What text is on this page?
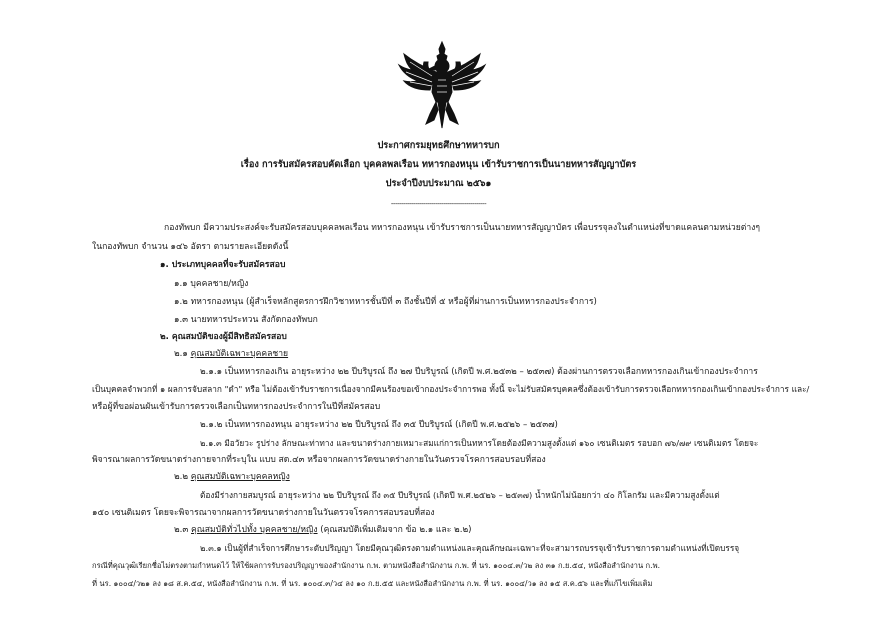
ประกาศกรมยุทธศึกษาทหารบก
เรื่อง การรับสมัครสอบคัดเลือก บุคคลพลเรือน ทหารกองหนุน เข้ารับราชการเป็นนายทหารสัญญาบัตร
ประจำปีงบประมาณ ๒๕๖๑
-----------------------------------------------
กองทัพบก มีความประสงค์จะรับสมัครสอบบุคคลพลเรือน ทหารกองหนุน เข้ารับราชการเป็นนายทหารสัญญาบัตร เพื่อบรรจุลงในตำแหน่งที่ขาดแคลนตามหน่วยต่างๆ
ในกองทัพบก จำนวน ๑๔๖ อัตรา ตามรายละเอียดดังนี้
๑. ประเภทบุคคลที่จะรับสมัครสอบ
๑.๑ บุคคลชาย/หญิง
๑.๒ ทหารกองหนุน (ผู้สำเร็จหลักสูตรการฝึกวิชาทหารชั้นปีที่ ๓ ถึงชั้นปีที่ ๕ หรือผู้ที่ผ่านการเป็นทหารกองประจำการ)
๑.๓ นายทหารประทวน สังกัดกองทัพบก
๒. คุณสมบัติของผู้มีสิทธิสมัครสอบ
๒.๑ คุณสมบัติเฉพาะบุคคลชาย
๒.๑.๑ เป็นทหารกองเกิน อายุระหว่าง ๒๒ ปีบริบูรณ์ ถึง ๒๗ ปีบริบูรณ์ (เกิดปี พ.ศ.๒๕๓๒ – ๒๕๓๗) ต้องผ่านการตรวจเลือกทหารกองเกินเข้ากองประจำการ
เป็นบุคคลจำพวกที่ ๑ ผลการจับสลาก "ดำ" หรือ ไม่ต้องเข้ารับราชการเนื่องจากมีคนร้องขอเข้ากองประจำการพอ ทั้งนี้ จะไม่รับสมัครบุคคลซึ่งต้องเข้ารับการตรวจเลือกทหารกองเกินเข้ากองประจำการ และ/
หรือผู้ที่ขอผ่อนผันเข้ารับการตรวจเลือกเป็นทหารกองประจำการในปีที่สมัครสอบ
๒.๑.๒ เป็นทหารกองหนุน อายุระหว่าง ๒๒ ปีบริบูรณ์ ถึง ๓๕ ปีบริบูรณ์ (เกิดปี พ.ศ.๒๕๒๖ – ๒๕๓๗)
๒.๑.๓ มีอวัยวะ รูปร่าง ลักษณะท่าทาง และขนาดร่างกายเหมาะสมแก่การเป็นทหารโดยต้องมีความสูงตั้งแต่ ๑๖๐ เซนติเมตร รอบอก ๗๖/๗๙ เซนติเมตร โดยจะ
พิจารณาผลการวัดขนาดร่างกายจากที่ระบุใน แบบ สด.๔๓ หรือจากผลการวัดขนาดร่างกายในวันตรวจโรคการสอบรอบที่สอง
๒.๒ คุณสมบัติเฉพาะบุคคลหญิง
ต้องมีร่างกายสมบูรณ์ อายุระหว่าง ๒๒ ปีบริบูรณ์ ถึง ๓๕ ปีบริบูรณ์ (เกิดปี พ.ศ.๒๕๒๖ – ๒๕๓๗) น้ำหนักไม่น้อยกว่า ๔๐ กิโลกรัม และมีความสูงตั้งแต่
๑๕๐ เซนติเมตร โดยจะพิจารณาจากผลการวัดขนาดร่างกายในวันตรวจโรคการสอบรอบที่สอง
๒.๓ คุณสมบัติทั่วไปทั้ง บุคคลชาย/หญิง (คุณสมบัติเพิ่มเติมจาก ข้อ ๒.๑ และ ๒.๒)
๒.๓.๑ เป็นผู้ที่สำเร็จการศึกษาระดับปริญญา โดยมีคุณวุฒิตรงตามตำแหน่งและคุณลักษณะเฉพาะที่จะสามารถบรรจุเข้ารับราชการตามตำแหน่งที่เปิดบรรจุ
กรณีที่คุณวุฒิเรียกชื่อไม่ตรงตามกำหนดไว้ ให้ใช้ผลการรับรองปริญญาของสำนักงาน ก.พ. ตามหนังสือสำนักงาน ก.พ. ที่ นร. ๑๐๐๔.๓/ว๒ ลง ๓๑ ก.ย.๕๔, หนังสือสำนักงาน ก.พ.
ที่ นร. ๑๐๐๔/ว๒๑ ลง ๑๘ ส.ค.๕๔, หนังสือสำนักงาน ก.พ. ที่ นร. ๑๐๐๔.๓/ว๔ ลง ๑๐ ก.ย.๕๕ และหนังสือสำนักงาน ก.พ. ที่ นร. ๑๐๐๔/ว๑ ลง ๑๕ ส.ค.๕๖ และที่แก้ไขเพิ่มเติม
